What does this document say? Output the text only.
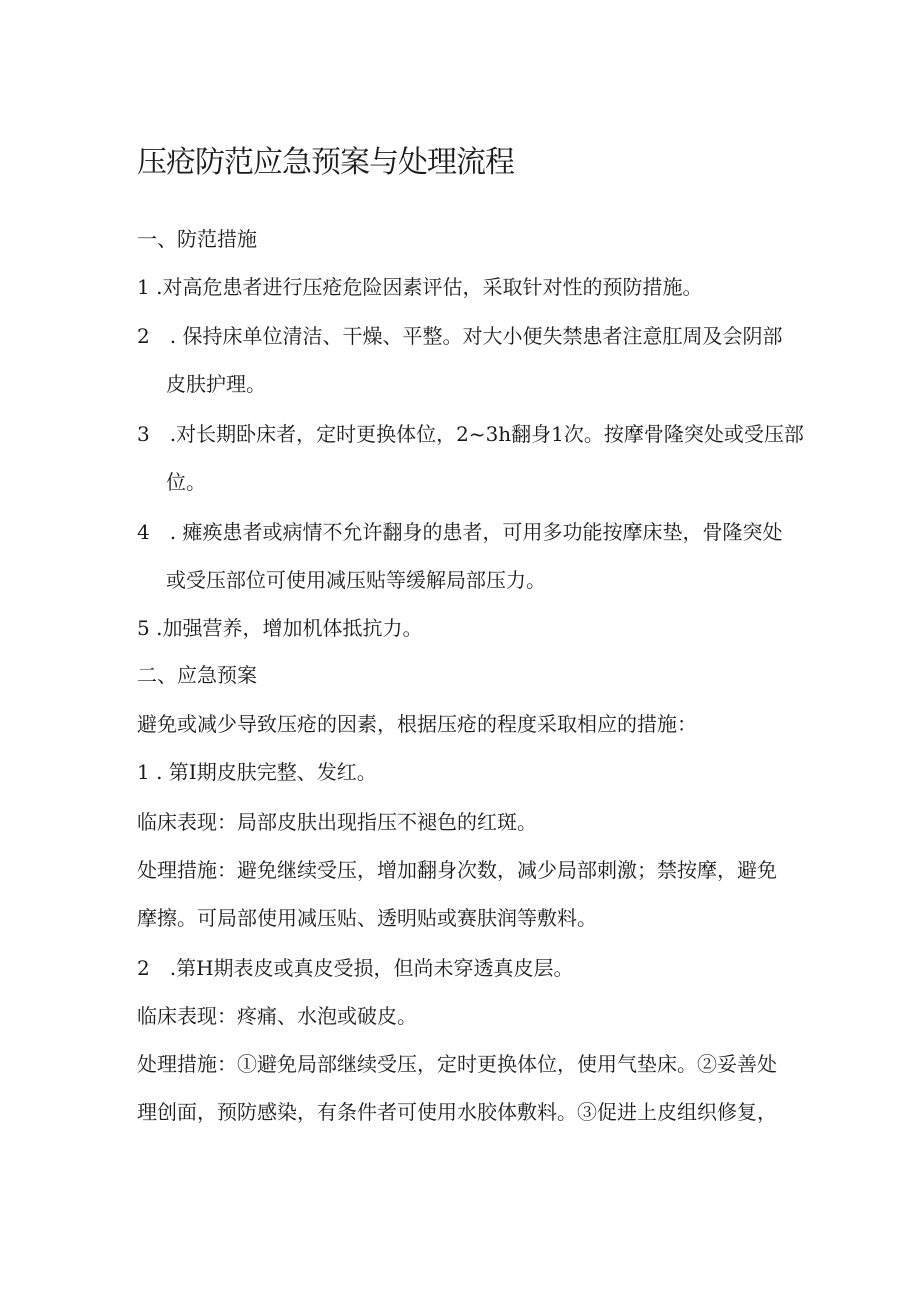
压疮防范应急预案与处理流程

一、防范措施

1 .对高危患者进行压疮危险因素评估，采取针对性的预防措施。

2　. 保持床单位清洁、干燥、平整。对大小便失禁患者注意肛周及会阴部

皮肤护理。

3　.对长期卧床者，定时更换体位，2~3h翻身1次。按摩骨隆突处或受压部

位。

4　. 瘫痪患者或病情不允许翻身的患者，可用多功能按摩床垫，骨隆突处

或受压部位可使用减压贴等缓解局部压力。

5 .加强营养，增加机体抵抗力。

二、应急预案

避免或减少导致压疮的因素，根据压疮的程度采取相应的措施：

1 . 第I期皮肤完整、发红。

临床表现：局部皮肤出现指压不褪色的红斑。

处理措施：避免继续受压，增加翻身次数，减少局部刺激；禁按摩，避免

摩擦。可局部使用减压贴、透明贴或赛肤润等敷料。

2　.第H期表皮或真皮受损，但尚未穿透真皮层。

临床表现：疼痛、水泡或破皮。

处理措施：①避免局部继续受压，定时更换体位，使用气垫床。②妥善处

理创面，预防感染，有条件者可使用水胶体敷料。③促进上皮组织修复，
